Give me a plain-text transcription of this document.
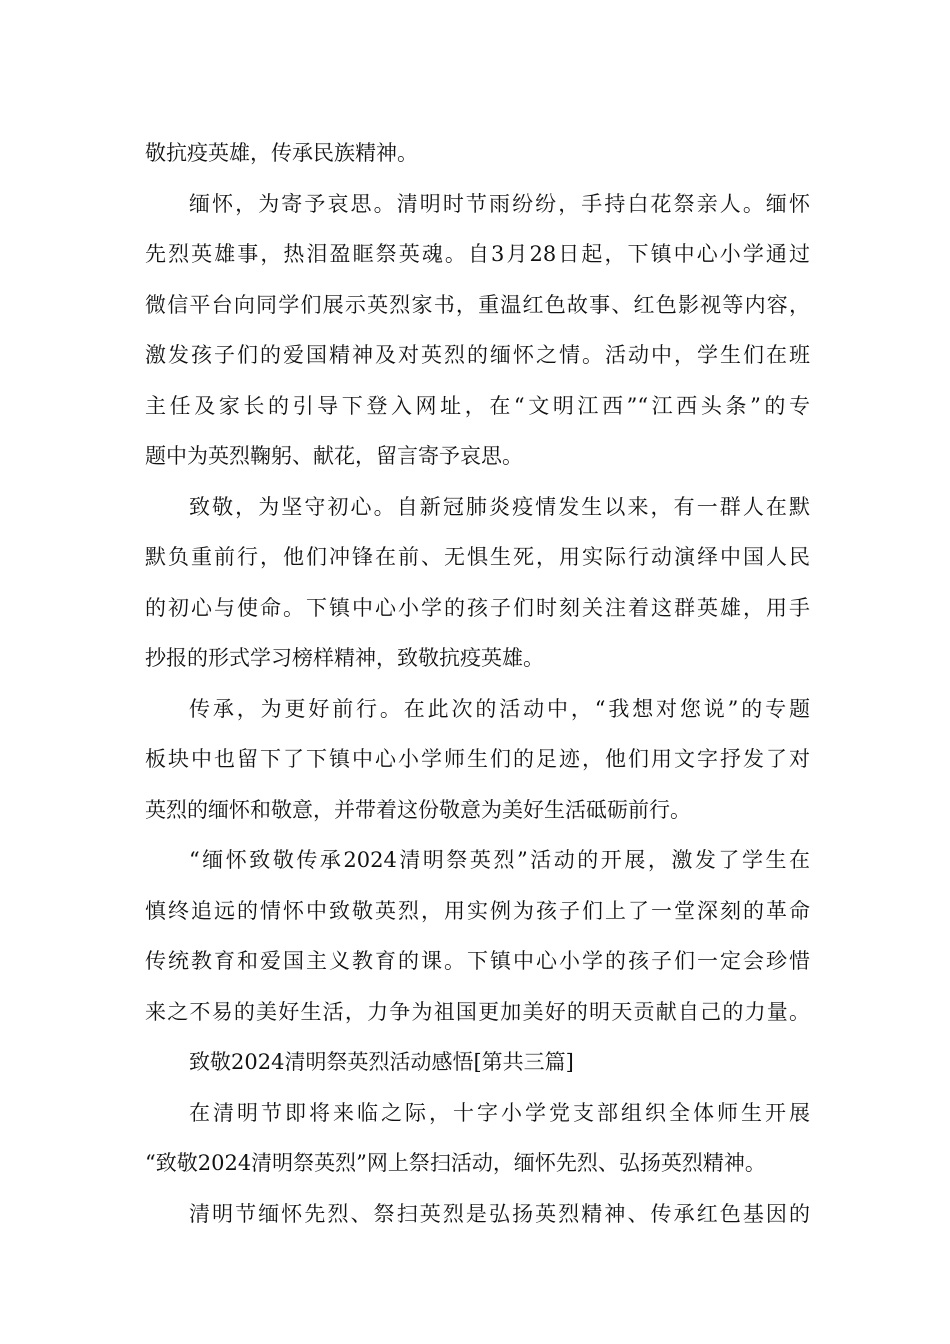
敬抗疫英雄，传承民族精神。
缅怀，为寄予哀思。清明时节雨纷纷，手持白花祭亲人。缅怀
先烈英雄事，热泪盈眶祭英魂。自3月28日起，下镇中心小学通过
微信平台向同学们展示英烈家书，重温红色故事、红色影视等内容，
激发孩子们的爱国精神及对英烈的缅怀之情。活动中，学生们在班
主任及家长的引导下登入网址，在“文明江西”“江西头条”的专
题中为英烈鞠躬、献花，留言寄予哀思。
致敬，为坚守初心。自新冠肺炎疫情发生以来，有一群人在默
默负重前行，他们冲锋在前、无惧生死，用实际行动演绎中国人民
的初心与使命。下镇中心小学的孩子们时刻关注着这群英雄，用手
抄报的形式学习榜样精神，致敬抗疫英雄。
传承，为更好前行。在此次的活动中，“我想对您说”的专题
板块中也留下了下镇中心小学师生们的足迹，他们用文字抒发了对
英烈的缅怀和敬意，并带着这份敬意为美好生活砥砺前行。
“缅怀致敬传承2024清明祭英烈”活动的开展，激发了学生在
慎终追远的情怀中致敬英烈，用实例为孩子们上了一堂深刻的革命
传统教育和爱国主义教育的课。下镇中心小学的孩子们一定会珍惜
来之不易的美好生活，力争为祖国更加美好的明天贡献自己的力量。
致敬2024清明祭英烈活动感悟[第共三篇]
在清明节即将来临之际，十字小学党支部组织全体师生开展
“致敬2024清明祭英烈”网上祭扫活动，缅怀先烈、弘扬英烈精神。
清明节缅怀先烈、祭扫英烈是弘扬英烈精神、传承红色基因的
